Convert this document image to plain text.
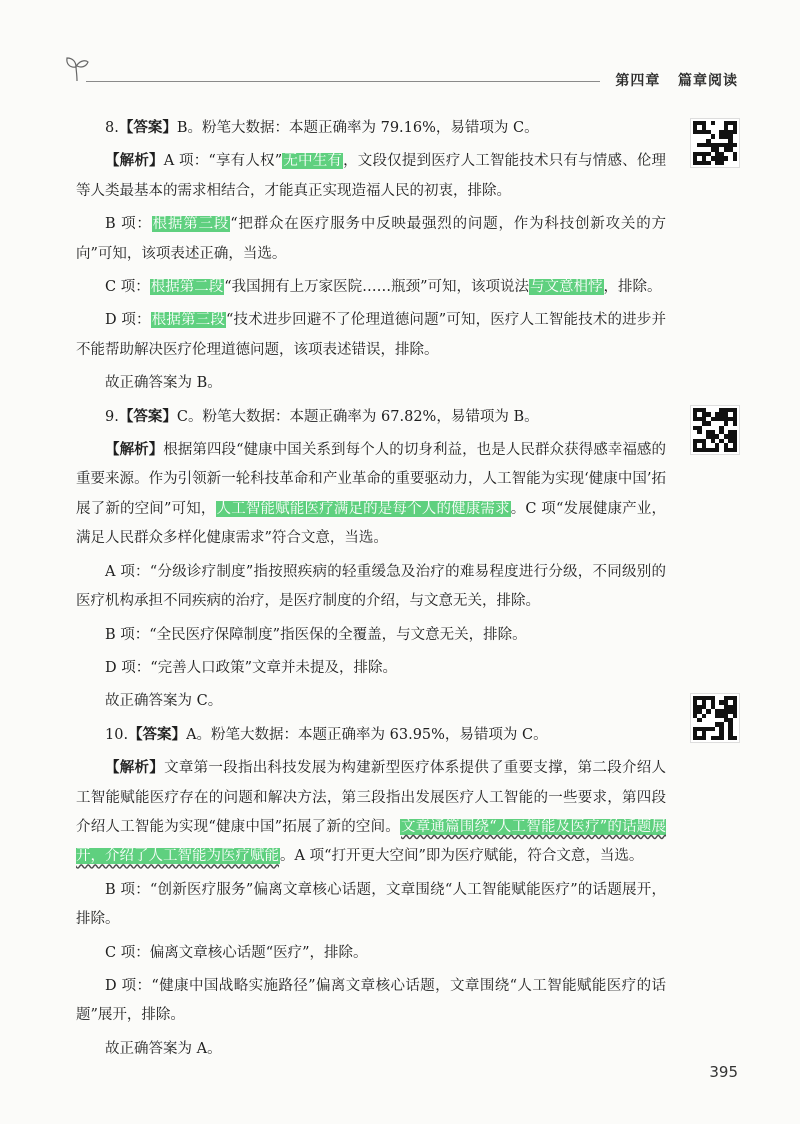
第四章 篇章阅读

8.【答案】B。粉笔大数据：本题正确率为 79.16%，易错项为 C。

【解析】A 项：“享有人权”无中生有，文段仅提到医疗人工智能技术只有与情感、伦理等人类最基本的需求相结合，才能真正实现造福人民的初衷，排除。

B 项：根据第三段“把群众在医疗服务中反映最强烈的问题，作为科技创新攻关的方向”可知，该项表述正确，当选。

C 项：根据第二段“我国拥有上万家医院……瓶颈”可知，该项说法与文意相悖，排除。

D 项：根据第三段“技术进步回避不了伦理道德问题”可知，医疗人工智能技术的进步并不能帮助解决医疗伦理道德问题，该项表述错误，排除。

故正确答案为 B。

9.【答案】C。粉笔大数据：本题正确率为 67.82%，易错项为 B。

【解析】根据第四段“健康中国关系到每个人的切身利益，也是人民群众获得感幸福感的重要来源。作为引领新一轮科技革命和产业革命的重要驱动力，人工智能为实现‘健康中国’拓展了新的空间”可知，人工智能赋能医疗满足的是每个人的健康需求。C 项“发展健康产业，满足人民群众多样化健康需求”符合文意，当选。

A 项：“分级诊疗制度”指按照疾病的轻重缓急及治疗的难易程度进行分级，不同级别的医疗机构承担不同疾病的治疗，是医疗制度的介绍，与文意无关，排除。

B 项：“全民医疗保障制度”指医保的全覆盖，与文意无关，排除。

D 项：“完善人口政策”文章并未提及，排除。

故正确答案为 C。

10.【答案】A。粉笔大数据：本题正确率为 63.95%，易错项为 C。

【解析】文章第一段指出科技发展为构建新型医疗体系提供了重要支撑，第二段介绍人工智能赋能医疗存在的问题和解决方法，第三段指出发展医疗人工智能的一些要求，第四段介绍人工智能为实现“健康中国”拓展了新的空间。文章通篇围绕“人工智能及医疗”的话题展开，介绍了人工智能为医疗赋能。A 项“打开更大空间”即为医疗赋能，符合文意，当选。

B 项：“创新医疗服务”偏离文章核心话题，文章围绕“人工智能赋能医疗”的话题展开，排除。

C 项：偏离文章核心话题“医疗”，排除。

D 项：“健康中国战略实施路径”偏离文章核心话题，文章围绕“人工智能赋能医疗的话题”展开，排除。

故正确答案为 A。

395
